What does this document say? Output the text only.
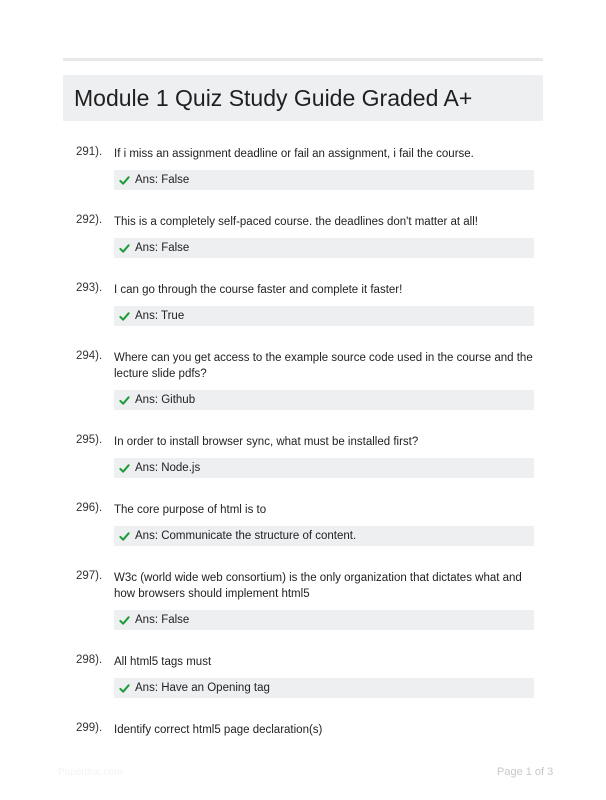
Module 1 Quiz Study Guide Graded A+
291). If i miss an assignment deadline or fail an assignment, i fail the course.
Ans: False
292). This is a completely self-paced course. the deadlines don't matter at all!
Ans: False
293). I can go through the course faster and complete it faster!
Ans: True
294). Where can you get access to the example source code used in the course and the lecture slide pdfs?
Ans: Github
295). In order to install browser sync, what must be installed first?
Ans: Node.js
296). The core purpose of html is to
Ans: Communicate the structure of content.
297). W3c (world wide web consortium) is the only organization that dictates what and how browsers should implement html5
Ans: False
298). All html5 tags must
Ans: Have an Opening tag
299). Identify correct html5 page declaration(s)
Paperdoc.com	Page 1 of 3
